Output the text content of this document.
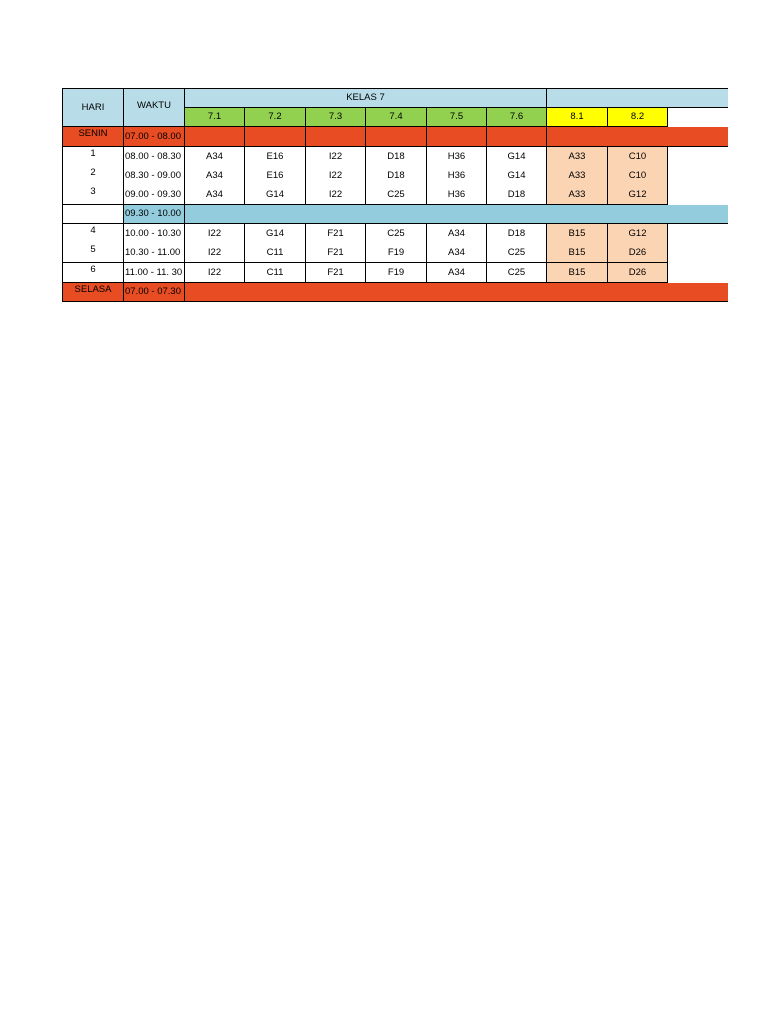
HARI	WAKTU
KELAS 7
7.1	7.2	7.3	7.4	7.5	7.6	8.1	8.2
SENIN	07.00 - 08.00
1	08.00 - 08.30	A34	E16	I22	D18	H36	G14	A33	C10
2	08.30 - 09.00	A34	E16	I22	D18	H36	G14	A33	C10
3	09.00 - 09.30	A34	G14	I22	C25	H36	D18	A33	G12
09.30 - 10.00
4	10.00 - 10.30	I22	G14	F21	C25	A34	D18	B15	G12
5	10.30 - 11.00	I22	C11	F21	F19	A34	C25	B15	D26
6	11.00 - 11. 30	I22	C11	F21	F19	A34	C25	B15	D26
SELASA	07.00 - 07.30
